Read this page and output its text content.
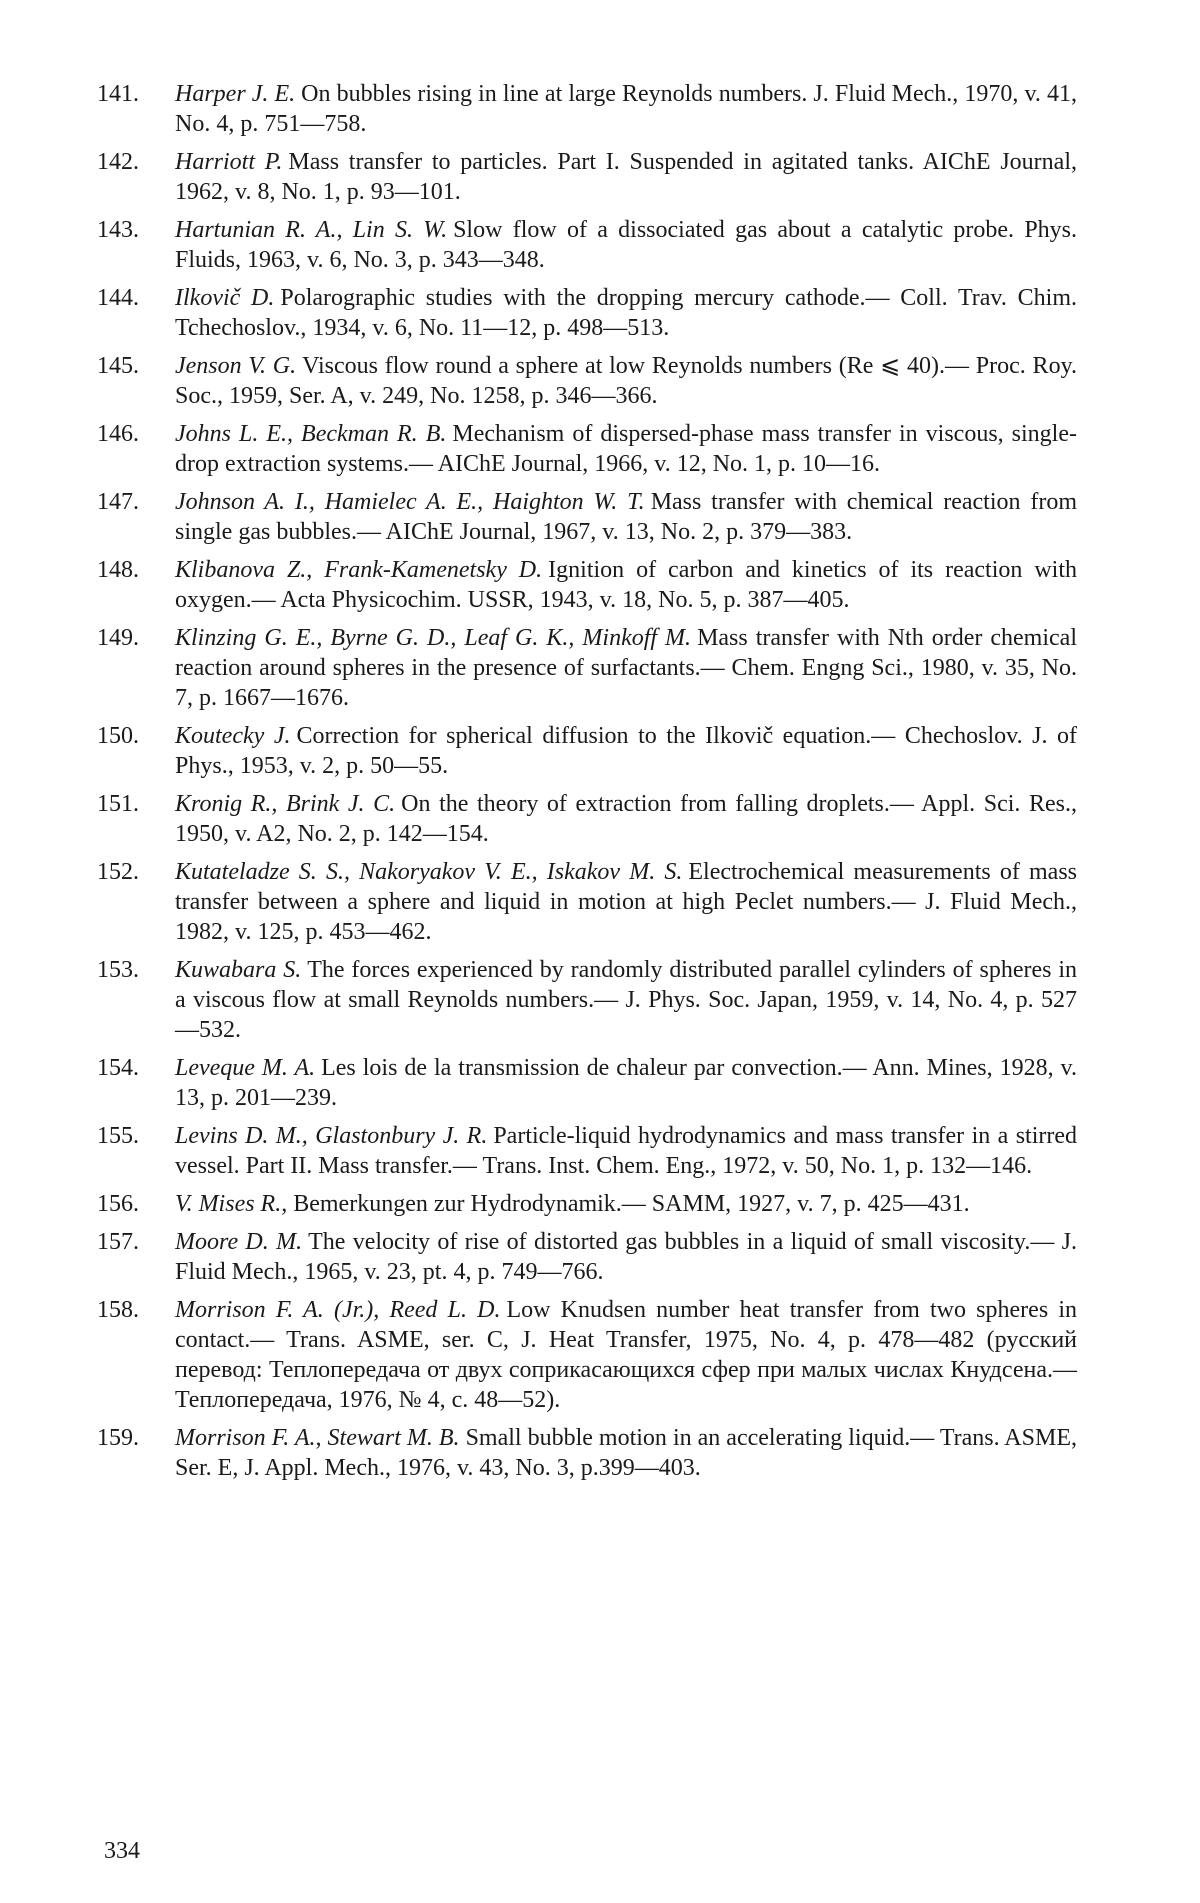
141.	Harper J. E. On bubbles rising in line at large Reynolds numbers. J. Fluid Mech., 1970, v. 41, No. 4, p. 751—758.
142.	Harriott P. Mass transfer to particles. Part I. Suspended in agitated tanks. AIChE Journal, 1962, v. 8, No. 1, p. 93—101.
143.	Hartunian R. A., Lin S. W. Slow flow of a dissociated gas about a catalytic probe. Phys. Fluids, 1963, v. 6, No. 3, p. 343—348.
144.	Ilkovič D. Polarographic studies with the dropping mercury cathode.— Coll. Trav. Chim. Tchechoslov., 1934, v. 6, No. 11—12, p. 498—513.
145.	Jenson V. G. Viscous flow round a sphere at low Reynolds numbers (Re ⩽ 40).— Proc. Roy. Soc., 1959, Ser. A, v. 249, No. 1258, p. 346—366.
146.	Johns L. E., Beckman R. B. Mechanism of dispersed-phase mass transfer in viscous, single-drop extraction systems.— AIChE Journal, 1966, v. 12, No. 1, p. 10—16.
147.	Johnson A. I., Hamielec A. E., Haighton W. T. Mass transfer with chemical reaction from single gas bubbles.— AIChE Journal, 1967, v. 13, No. 2, p. 379—383.
148.	Klibanova Z., Frank-Kamenetsky D. Ignition of carbon and kinetics of its reaction with oxygen.— Acta Physicochim. USSR, 1943, v. 18, No. 5, p. 387—405.
149.	Klinzing G. E., Byrne G. D., Leaf G. K., Minkoff M. Mass transfer with Nth order chemical reaction around spheres in the presence of surfactants.— Chem. Engng Sci., 1980, v. 35, No. 7, p. 1667—1676.
150.	Koutecky J. Correction for spherical diffusion to the Ilkovič equation.— Chechoslov. J. of Phys., 1953, v. 2, p. 50—55.
151.	Kronig R., Brink J. C. On the theory of extraction from falling droplets.— Appl. Sci. Res., 1950, v. A2, No. 2, p. 142—154.
152.	Kutateladze S. S., Nakoryakov V. E., Iskakov M. S. Electrochemical measurements of mass transfer between a sphere and liquid in motion at high Peclet numbers.— J. Fluid Mech., 1982, v. 125, p. 453—462.
153.	Kuwabara S. The forces experienced by randomly distributed parallel cylinders of spheres in a viscous flow at small Reynolds numbers.— J. Phys. Soc. Japan, 1959, v. 14, No. 4, p. 527—532.
154.	Leveque M. A. Les lois de la transmission de chaleur par convection.— Ann. Mines, 1928, v. 13, p. 201—239.
155.	Levins D. M., Glastonbury J. R. Particle-liquid hydrodynamics and mass transfer in a stirred vessel. Part II. Mass transfer.— Trans. Inst. Chem. Eng., 1972, v. 50, No. 1, p. 132—146.
156.	V. Mises R., Bemerkungen zur Hydrodynamik.— SAMM, 1927, v. 7, p. 425—431.
157.	Moore D. M. The velocity of rise of distorted gas bubbles in a liquid of small viscosity.— J. Fluid Mech., 1965, v. 23, pt. 4, p. 749—766.
158.	Morrison F. A. (Jr.), Reed L. D. Low Knudsen number heat transfer from two spheres in contact.— Trans. ASME, ser. C, J. Heat Transfer, 1975, No. 4, p. 478—482 (русский перевод: Теплопередача от двух соприкасающихся сфер при малых числах Кнудсена.— Теплопередача, 1976, № 4, с. 48—52).
159.	Morrison F. A., Stewart M. B. Small bubble motion in an accelerating liquid.— Trans. ASME, Ser. E, J. Appl. Mech., 1976, v. 43, No. 3, p.399—403.
334
